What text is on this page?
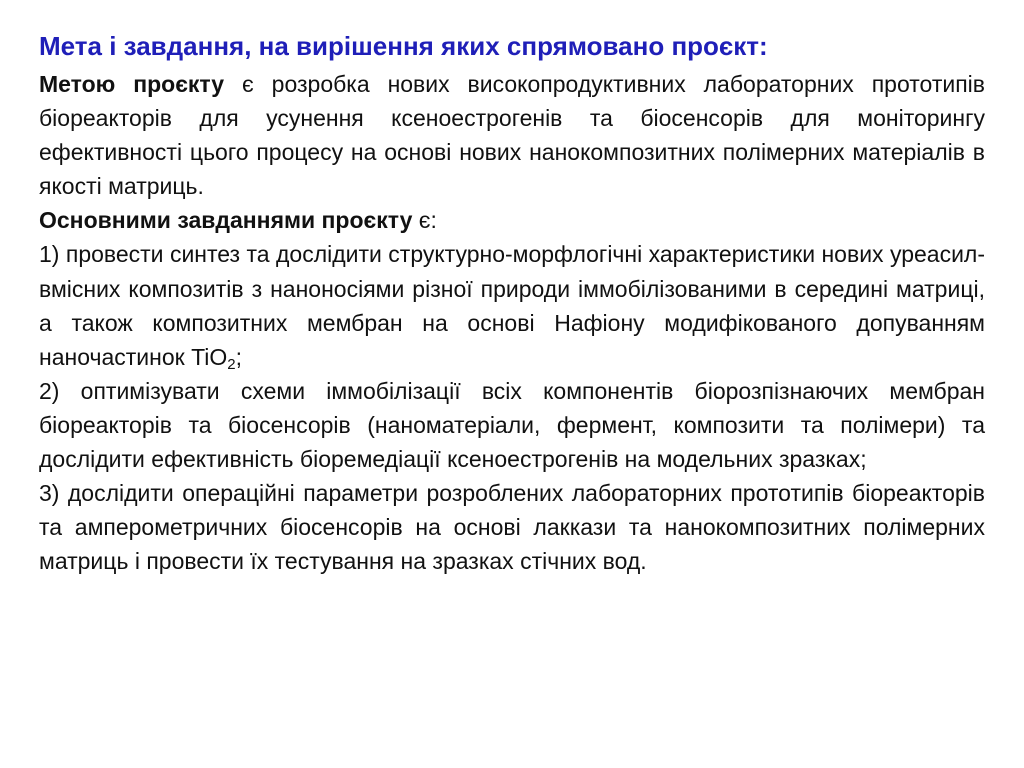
Мета і завдання, на вирішення яких спрямовано проєкт:

Метою проєкту є розробка нових високопродуктивних лабораторних прототипів біореакторів для усунення ксеноестрогенів та біосенсорів для моніторингу ефективності цього процесу на основі нових нанокомпозитних полімерних матеріалів в якості матриць.

Основними завданнями проєкту є:

1) провести синтез та дослідити структурно-морфлогічні характеристики нових уреасил-вмісних композитів з наноносіями різної природи іммобілізованими в середині матриці, а також композитних мембран на основі Нафіону модифікованого допуванням наночастинок TiO$_2$;

2) оптимізувати схеми іммобілізації всіх компонентів біорозпізнаючих мембран біореакторів та біосенсорів (наноматеріали, фермент, композити та полімери) та дослідити ефективність біоремедіації ксеноестрогенів на модельних зразках;

3) дослідити операційні параметри розроблених лабораторних прототипів біореакторів та амперометричних біосенсорів на основі лаккази та нанокомпозитних полімерних матриць і провести їх тестування на зразках стічних вод.
